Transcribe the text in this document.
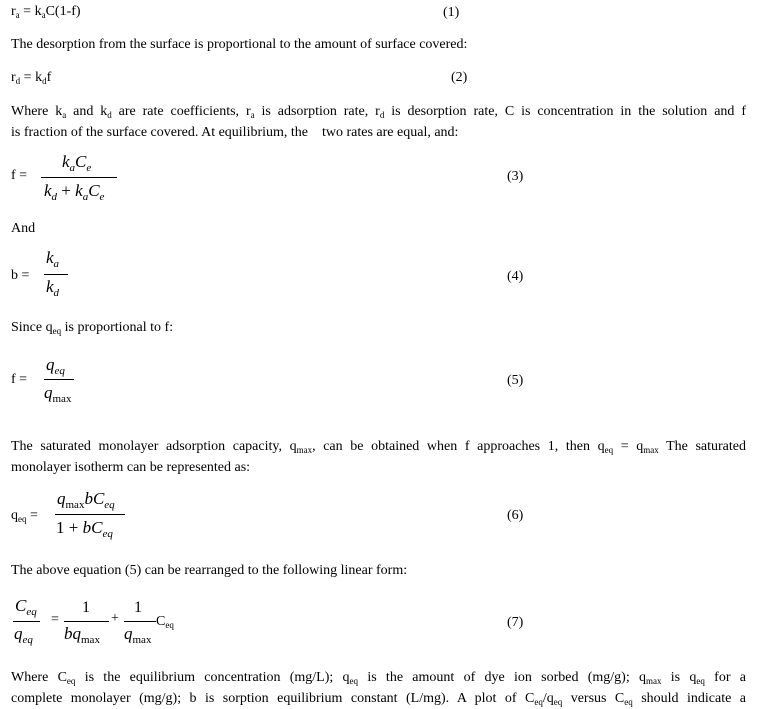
$r_a = k_aC(1-f)$	(1)
The desorption from the surface is proportional to the amount of surface covered:
$r_d = k_df$	(2)
Where $k_a$ and $k_d$ are rate coefficients, $r_a$ is adsorption rate, $r_d$ is desorption rate, C is concentration in the solution and f
is fraction of the surface covered. At equilibrium, the    two rates are equal, and:
f =
$k_aC_e$
$k_d + k_aC_e$
(3)
And
b =
$k_a$
$k_d$
(4)
Since $q_{eq}$ is proportional to f:
f =
$q_{eq}$
$q_{max}$
(5)
The saturated monolayer adsorption capacity, $q_{max}$, can be obtained when f approaches 1, then $q_{eq} = q_{max}$ The saturated
monolayer isotherm can be represented as:
$q_{eq}$ =
$q_{max}bC_{eq}$
$1 + bC_{eq}$
(6)
The above equation (5) can be rearranged to the following linear form:
$C_{eq}$
$q_{eq}$
=
1
$bq_{max}$
+
1
$q_{max}$
$C_{eq}$	(7)
Where $C_{eq}$ is the equilibrium concentration (mg/L); $q_{eq}$ is the amount of dye ion sorbed (mg/g); $q_{max}$ is $q_{eq}$ for a
complete monolayer (mg/g); b is sorption equilibrium constant (L/mg). A plot of $C_{eq}/q_{eq}$ versus $C_{eq}$ should indicate a
